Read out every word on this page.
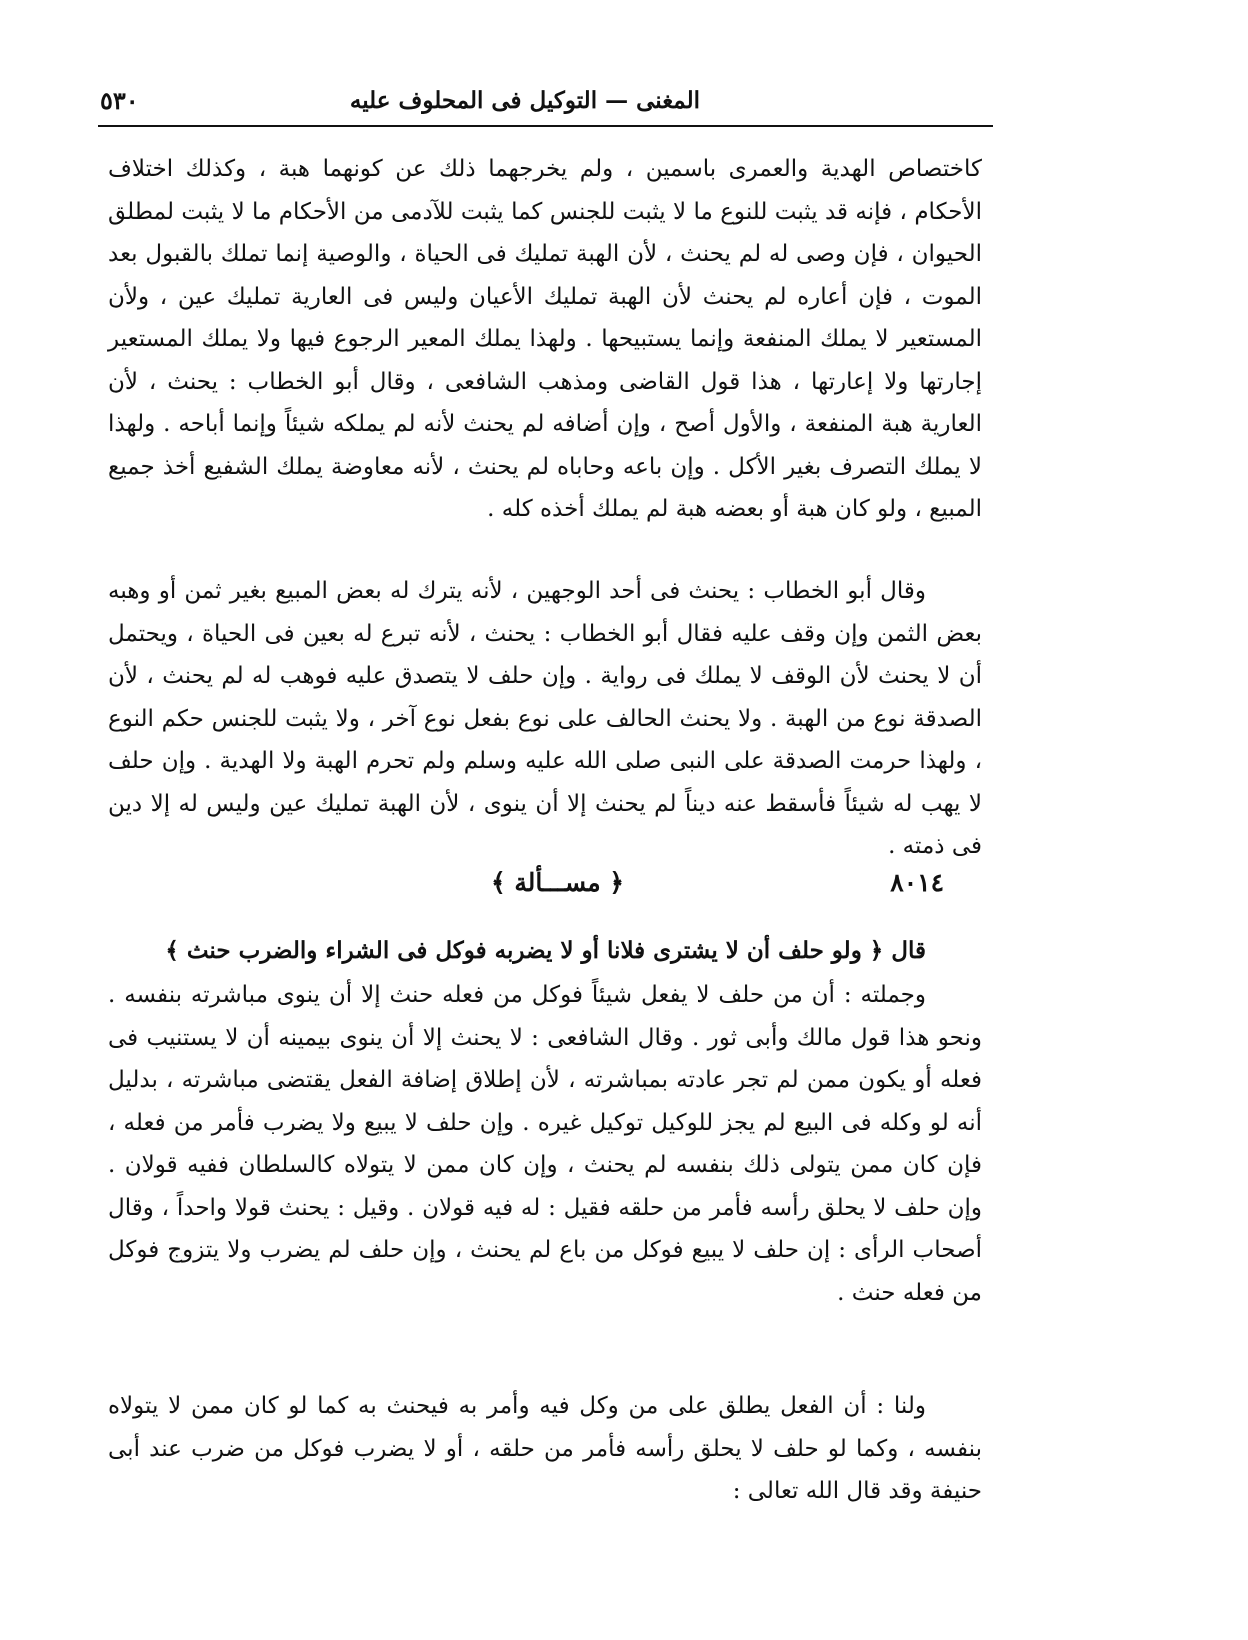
المغنى — التوكيل فى المحلوف عليه
٥٣٠

كاختصاص الهدية والعمرى باسمين ، ولم يخرجهما ذلك عن كونهما هبة ، وكذلك اختلاف الأحكام ، فإنه قد يثبت للنوع ما لا يثبت للجنس كما يثبت للآدمى من الأحكام ما لا يثبت لمطلق الحيوان ، فإن وصى له لم يحنث ، لأن الهبة تمليك فى الحياة ، والوصية إنما تملك بالقبول بعد الموت ، فإن أعاره لم يحنث لأن الهبة تمليك الأعيان وليس فى العارية تمليك عين ، ولأن المستعير لا يملك المنفعة وإنما يستبيحها . ولهذا يملك المعير الرجوع فيها ولا يملك المستعير إجارتها ولا إعارتها ، هذا قول القاضى ومذهب الشافعى ، وقال أبو الخطاب : يحنث ، لأن العارية هبة المنفعة ، والأول أصح ، وإن أضافه لم يحنث لأنه لم يملكه شيئاً وإنما أباحه . ولهذا لا يملك التصرف بغير الأكل . وإن باعه وحاباه لم يحنث ، لأنه معاوضة يملك الشفيع أخذ جميع المبيع ، ولو كان هبة أو بعضه هبة لم يملك أخذه كله .

وقال أبو الخطاب : يحنث فى أحد الوجهين ، لأنه يترك له بعض المبيع بغير ثمن أو وهبه بعض الثمن وإن وقف عليه فقال أبو الخطاب : يحنث ، لأنه تبرع له بعين فى الحياة ، ويحتمل أن لا يحنث لأن الوقف لا يملك فى رواية . وإن حلف لا يتصدق عليه فوهب له لم يحنث ، لأن الصدقة نوع من الهبة . ولا يحنث الحالف على نوع بفعل نوع آخر ، ولا يثبت للجنس حكم النوع ، ولهذا حرمت الصدقة على النبى صلى الله عليه وسلم ولم تحرم الهبة ولا الهدية . وإن حلف لا يهب له شيئاً فأسقط عنه ديناً لم يحنث إلا أن ينوى ، لأن الهبة تمليك عين وليس له إلا دين فى ذمته .

٨٠١٤
﴿ مســـألة ﴾

قال ﴿ ولو حلف أن لا يشترى فلانا أو لا يضربه فوكل فى الشراء والضرب حنث ﴾

وجملته : أن من حلف لا يفعل شيئاً فوكل من فعله حنث إلا أن ينوى مباشرته بنفسه . ونحو هذا قول مالك وأبى ثور . وقال الشافعى : لا يحنث إلا أن ينوى بيمينه أن لا يستنيب فى فعله أو يكون ممن لم تجر عادته بمباشرته ، لأن إطلاق إضافة الفعل يقتضى مباشرته ، بدليل أنه لو وكله فى البيع لم يجز للوكيل توكيل غيره . وإن حلف لا يبيع ولا يضرب فأمر من فعله ، فإن كان ممن يتولى ذلك بنفسه لم يحنث ، وإن كان ممن لا يتولاه كالسلطان ففيه قولان . وإن حلف لا يحلق رأسه فأمر من حلقه فقيل : له فيه قولان . وقيل : يحنث قولا واحداً ، وقال أصحاب الرأى : إن حلف لا يبيع فوكل من باع لم يحنث ، وإن حلف لم يضرب ولا يتزوج فوكل من فعله حنث .

ولنا : أن الفعل يطلق على من وكل فيه وأمر به فيحنث به كما لو كان ممن لا يتولاه بنفسه ، وكما لو حلف لا يحلق رأسه فأمر من حلقه ، أو لا يضرب فوكل من ضرب عند أبى حنيفة وقد قال الله تعالى :
